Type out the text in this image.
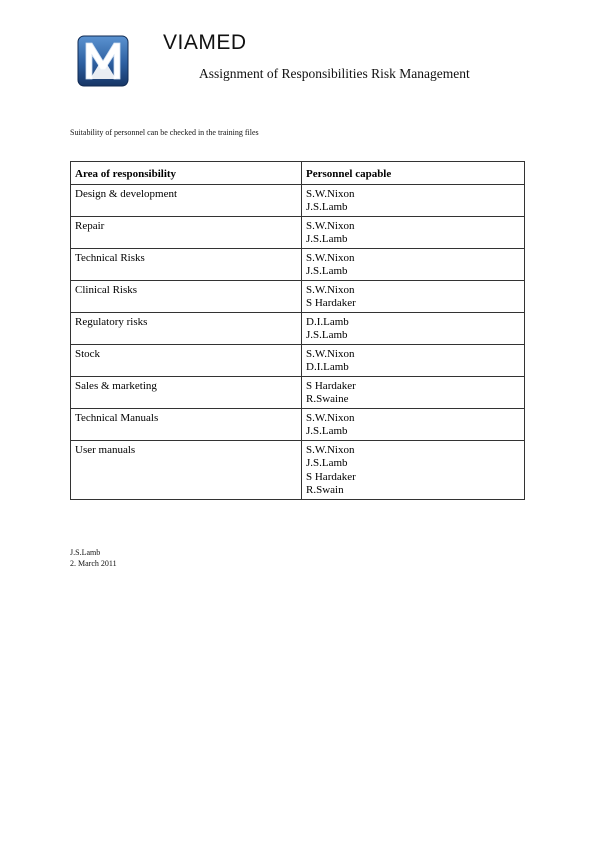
VIAMED
Assignment of Responsibilities Risk Management
Suitability of personnel can be checked in the training files
Area of responsibility	Personnel capable
Design & development	S.W.Nixon
J.S.Lamb

Repair	S.W.Nixon
J.S.Lamb

Technical Risks	S.W.Nixon
J.S.Lamb

Clinical Risks	S.W.Nixon
S Hardaker

Regulatory risks	D.I.Lamb
J.S.Lamb

Stock	S.W.Nixon
D.I.Lamb

Sales & marketing	S Hardaker
R.Swaine

Technical Manuals	S.W.Nixon
J.S.Lamb

User manuals	S.W.Nixon
J.S.Lamb
S Hardaker
R.Swain
J.S.Lamb
2. March 2011
